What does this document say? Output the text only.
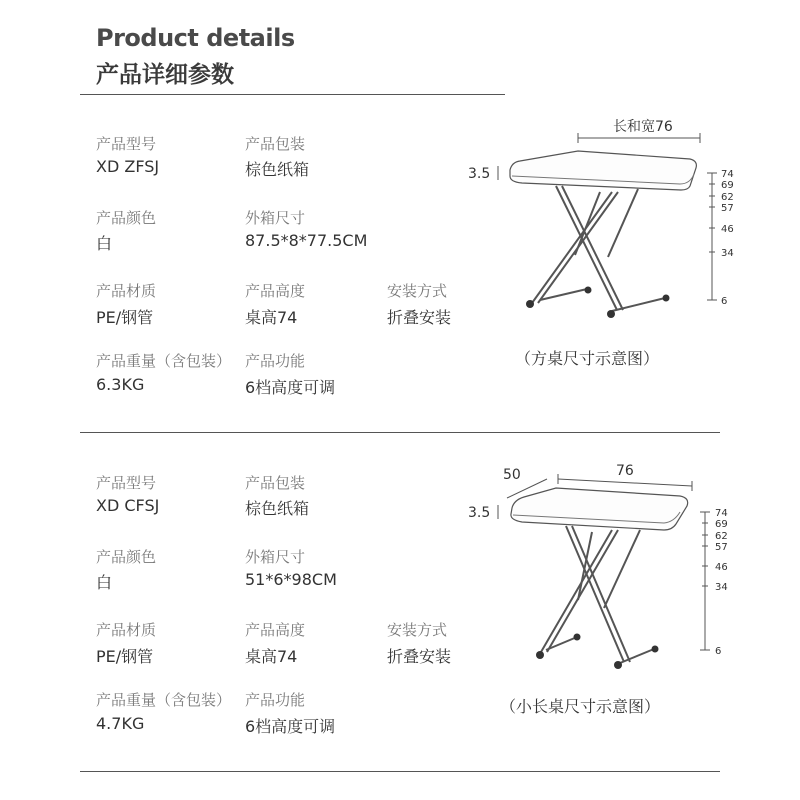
Product details
产品详细参数
产品型号
XD ZFSJ
产品包装
棕色纸箱
产品颜色
白
外箱尺寸
87.5*8*77.5CM
产品材质
PE/钢管
产品高度
桌高74
安装方式
折叠安装
产品重量（含包装）
6.3KG
产品功能
6档高度可调
（方桌尺寸示意图）
产品型号
XD CFSJ
产品包装
棕色纸箱
产品颜色
白
外箱尺寸
51*6*98CM
产品材质
PE/钢管
产品高度
桌高74
安装方式
折叠安装
产品重量（含包装）
4.7KG
产品功能
6档高度可调
（小长桌尺寸示意图）
长和宽76
3.5	74
69
62
57
46
34
6
50	76
3.5	74
69
62
57
46
34
6
